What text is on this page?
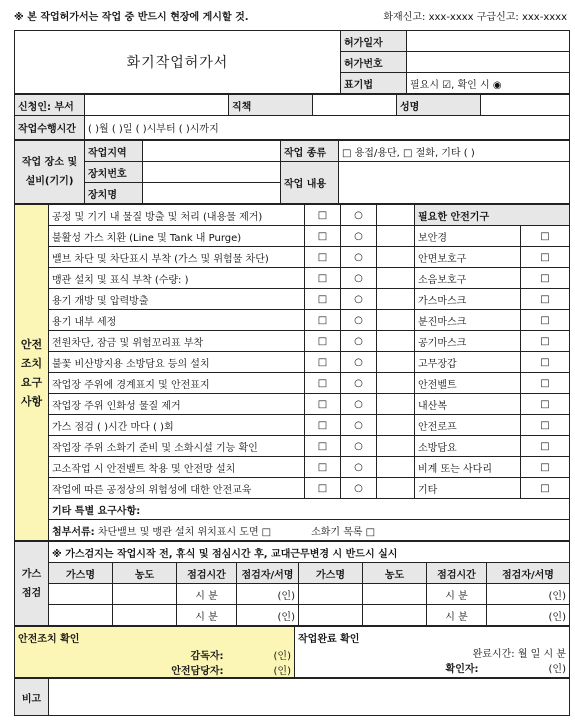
※ 본 작업허가서는 작업 중 반드시 현장에 게시할 것.	화재신고: xxx-xxxx 구급신고: xxx-xxxx
화기작업허가서	허가일자	
	허가번호	
	표기법	필요시 ☑, 확인 시 ◉
신청인: 부서		직책		성명	
작업수행시간	( )월 ( )일 ( )시부터 ( )시까지				
작업 장소 및 설비(기기)	작업지역		작업 종류	□ 용접/용단, □ 절화, 기타 ( )
	장치번호		작업 내용	
	장치명			
안전조치요구사항	공정 및 기기 내 물질 방출 및 처리 (내용물 제거)	□	○		필요한 안전기구	
	불활성 가스 치환 (Line 및 Tank 내 Purge)	□	○		보안경	□
	밸브 차단 및 차단표시 부착 (가스 및 위험물 차단)	□	○		안면보호구	□
	맹관 설치 및 표식 부착 (수량: )	□	○		소음보호구	□
	용기 개방 및 압력방출	□	○		가스마스크	□
	용기 내부 세정	□	○		분진마스크	□
	전원차단, 잠금 및 위험꼬리표 부착	□	○		공기마스크	□
	불꽃 비산방지용 소방담요 등의 설치	□	○		고무장갑	□
	작업장 주위에 경계표지 및 안전표지	□	○		안전벨트	□
	작업장 주위 인화성 물질 제거	□	○		내산복	□
	가스 점검 ( )시간 마다 ( )회	□	○		안전로프	□
	작업장 주위 소화기 준비 및 소화시설 기능 확인	□	○		소방담요	□
	고소작업 시 안전벨트 착용 및 안전망 설치	□	○		비계 또는 사다리	□
	작업에 따른 공정상의 위험성에 대한 안전교육	□	○		기타	□
	기타 특별 요구사항:					
	첨부서류: 차단밸브 및 맹관 설치 위치표시 도면 □ 소화기 목록□

가스점검	※ 가스검지는 작업시작 전, 휴식 및 점심시간 후, 교대근무변경 시 반드시 실시							
	가스명	농도	점검시간	점검자/서명	가스명	농도	점검시간	점검자/서명
			시 분	(인)			시 분	(인)
			시 분	(인)			시 분	(인)
안전조치 확인
감독자:	(인)
안전담당자:	(인)

작업완료 확인
완료시간: 월 일 시 분
확인자:	(인)
비고	
